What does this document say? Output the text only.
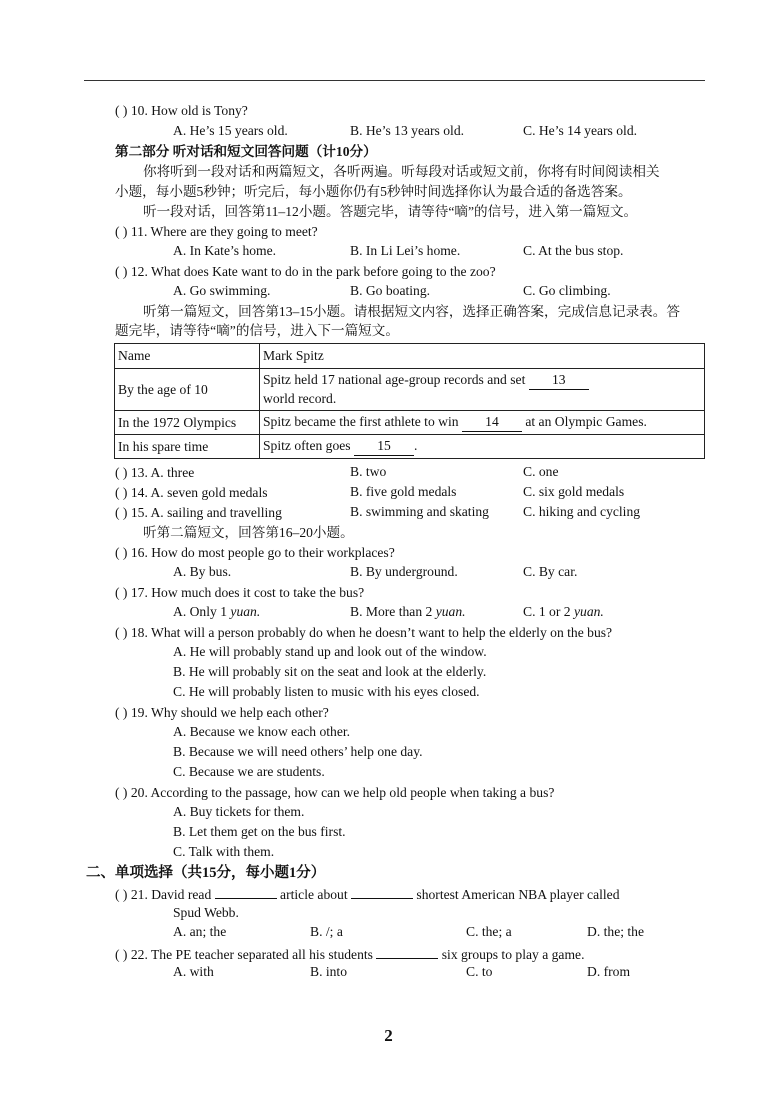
( ) 10. How old is Tony?
A. He’s 15 years old.	B. He’s 13 years old.	C. He’s 14 years old.
第二部分 听对话和短文回答问题（计10分）
你将听到一段对话和两篇短文，各听两遍。听每段对话或短文前，你将有时间阅读相关
小题，每小题5秒钟；听完后，每小题你仍有5秒钟时间选择你认为最合适的备选答案。
听一段对话，回答第11–12小题。答题完毕，请等待“嘀”的信号，进入第一篇短文。
( ) 11. Where are they going to meet?
A. In Kate’s home.	B. In Li Lei’s home.	C. At the bus stop.
( ) 12. What does Kate want to do in the park before going to the zoo?
A. Go swimming.	B. Go boating.	C. Go climbing.
听第一篇短文，回答第13–15小题。请根据短文内容，选择正确答案，完成信息记录表。答
题完毕，请等待“嘀”的信号，进入下一篇短文。
Name	Mark Spitz
By the age of 10	Spitz held 17 national age-group records and set 13
world record.
In the 1972 Olympics	Spitz became the first athlete to win 14 at an Olympic Games.
In his spare time	Spitz often goes 15 .
( ) 13. A. three	B. two	C. one
( ) 14. A. seven gold medals	B. five gold medals	C. six gold medals
( ) 15. A. sailing and travelling	B. swimming and skating	C. hiking and cycling
听第二篇短文，回答第16–20小题。
( ) 16. How do most people go to their workplaces?
A. By bus.	B. By underground.	C. By car.
( ) 17. How much does it cost to take the bus?
A. Only 1 yuan.	B. More than 2 yuan.	C. 1 or 2 yuan.
( ) 18. What will a person probably do when he doesn’t want to help the elderly on the bus?
A. He will probably stand up and look out of the window.
B. He will probably sit on the seat and look at the elderly.
C. He will probably listen to music with his eyes closed.
( ) 19. Why should we help each other?
A. Because we know each other.
B. Because we will need others’ help one day.
C. Because we are students.
( ) 20. According to the passage, how can we help old people when taking a bus?
A. Buy tickets for them.
B. Let them get on the bus first.
C. Talk with them.
二、单项选择（共15分，每小题1分）
( ) 21. David read	article about	shortest American NBA player called
Spud Webb.
A. an; the	B. /; a	C. the; a	D. the; the
( ) 22. The PE teacher separated all his students	six groups to play a game.
A. with	B. into	C. to	D. from
2
